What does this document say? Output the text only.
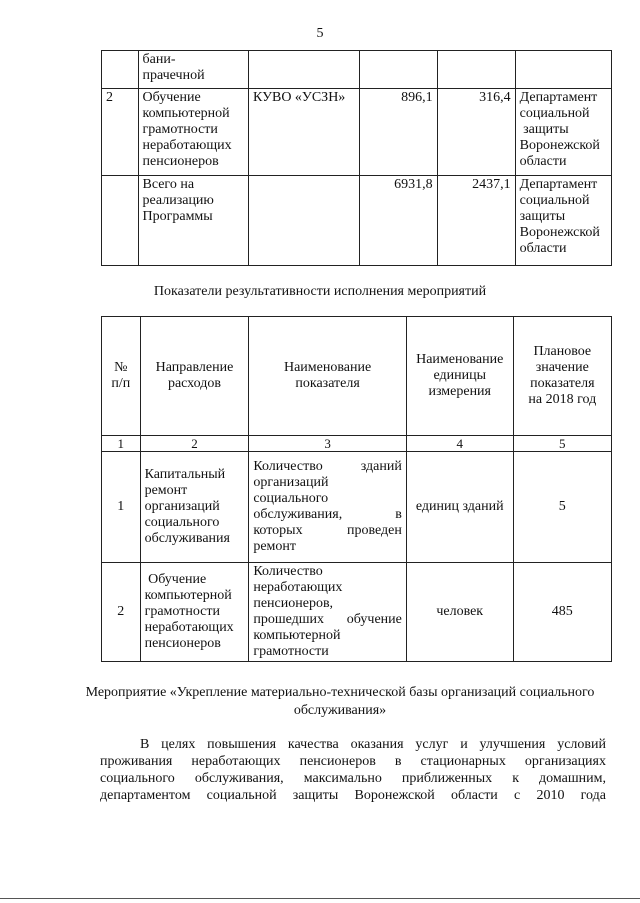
5
	бани-
прачечной				
2	Обучение
компьютерной
грамотности
неработающих
пенсионеров	КУВО «УСЗН»	896,1	316,4	Департамент
социальной
защиты
Воронежской
области
	Всего на
реализацию
Программы		6931,8	2437,1	Департамент
социальной
защиты
Воронежской
области
Показатели результативности исполнения мероприятий
№
п/п	Направление
расходов	Наименование
показателя	Наименование
единицы
измерения	Плановое
значение
показателя
на 2018 год
1	2	3	4	5
1	Капитальный
ремонт
организаций
социального
обслуживания	Количество зданий организаций социального обслуживания, в которых проведен ремонт	единиц зданий	5
2	Обучение
компьютерной
грамотности
неработающих
пенсионеров	Количество неработающих пенсионеров, прошедших обучение компьютерной грамотности	человек	485
Мероприятие «Укрепление материально-технической базы организаций социального обслуживания»
В целях повышения качества оказания услуг и улучшения условий
проживания неработающих пенсионеров в стационарных организациях
социального обслуживания, максимально приближенных к домашним,
департаментом социальной защиты Воронежской области с 2010 года
